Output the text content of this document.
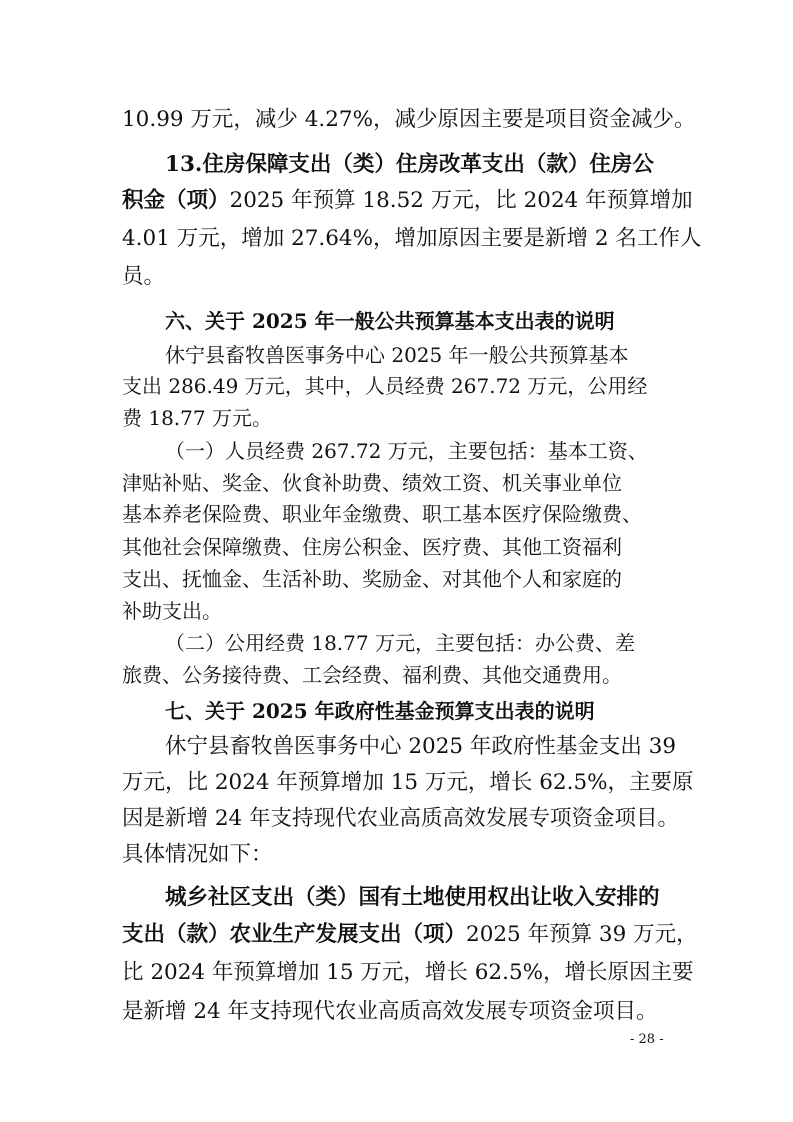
10.99 万元，减少 4.27%，减少原因主要是项目资金减少。
13.住房保障支出（类）住房改革支出（款）住房公
积金（项）2025 年预算 18.52 万元，比 2024 年预算增加
4.01 万元，增加 27.64%，增加原因主要是新增 2 名工作人
员。
六、关于 2025 年一般公共预算基本支出表的说明
休宁县畜牧兽医事务中心 2025 年一般公共预算基本
支出 286.49 万元，其中，人员经费 267.72 万元，公用经
费 18.77 万元。
（一）人员经费 267.72 万元，主要包括：基本工资、
津贴补贴、奖金、伙食补助费、绩效工资、机关事业单位
基本养老保险费、职业年金缴费、职工基本医疗保险缴费、
其他社会保障缴费、住房公积金、医疗费、其他工资福利
支出、抚恤金、生活补助、奖励金、对其他个人和家庭的
补助支出。
（二）公用经费 18.77 万元，主要包括：办公费、差
旅费、公务接待费、工会经费、福利费、其他交通费用。
七、关于 2025 年政府性基金预算支出表的说明
休宁县畜牧兽医事务中心 2025 年政府性基金支出 39
万元，比 2024 年预算增加 15 万元，增长 62.5%，主要原
因是新增 24 年支持现代农业高质高效发展专项资金项目。
具体情况如下：
城乡社区支出（类）国有土地使用权出让收入安排的
支出（款）农业生产发展支出（项）2025 年预算 39 万元，
比 2024 年预算增加 15 万元，增长 62.5%，增长原因主要
是新增 24 年支持现代农业高质高效发展专项资金项目。
- 28 -
